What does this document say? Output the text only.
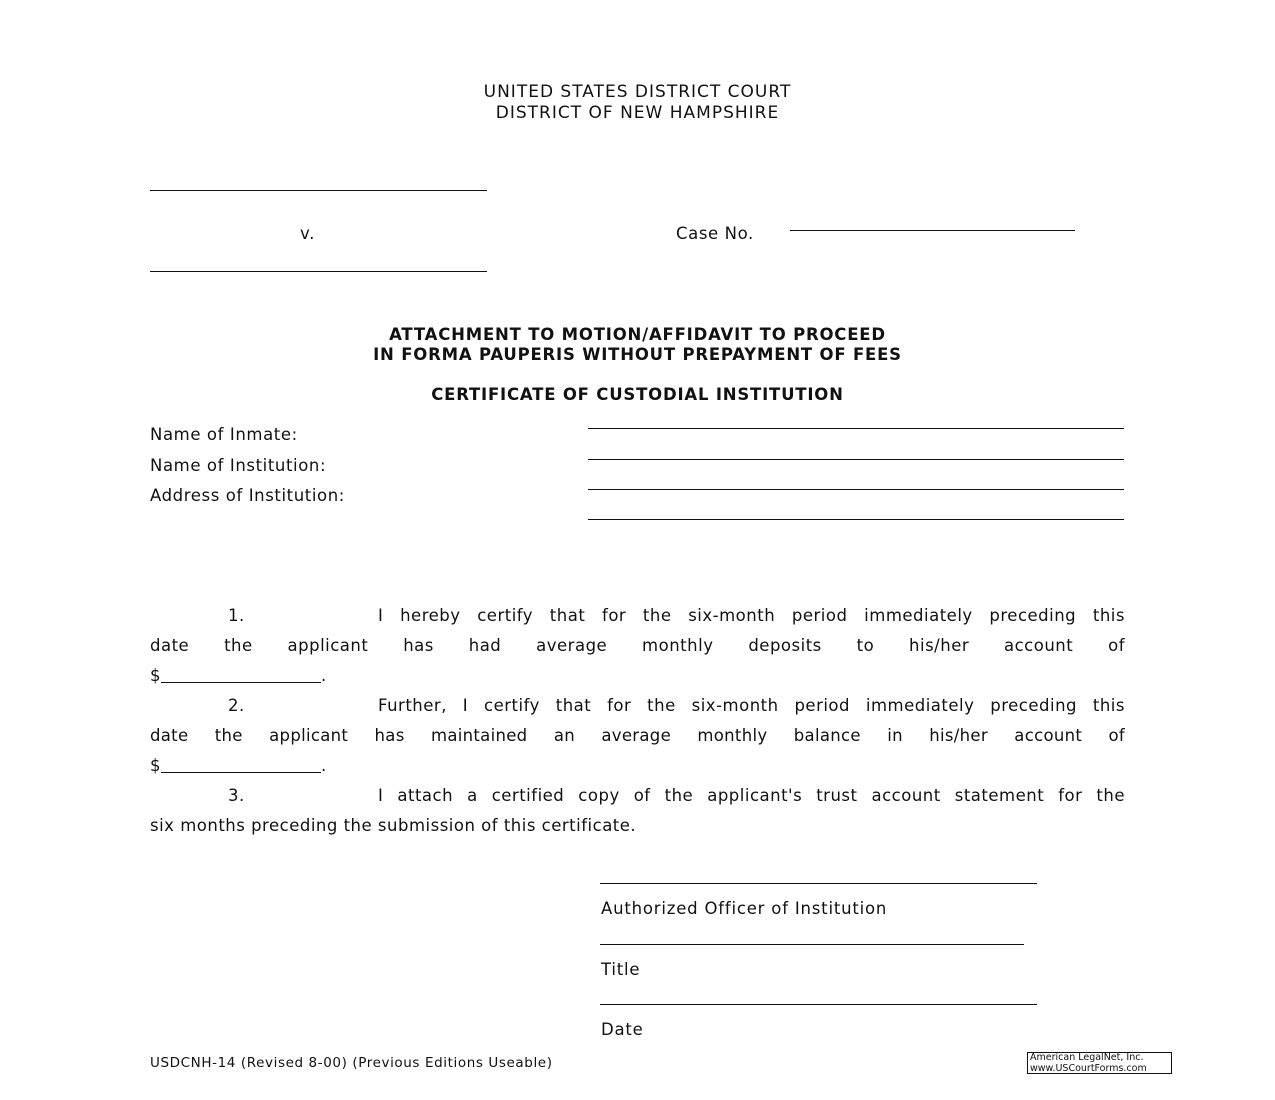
UNITED STATES DISTRICT COURT
DISTRICT OF NEW HAMPSHIRE
v.	Case No.
ATTACHMENT TO MOTION/AFFIDAVIT TO PROCEED
IN FORMA PAUPERIS WITHOUT PREPAYMENT OF FEES
CERTIFICATE OF CUSTODIAL INSTITUTION
Name of Inmate:
Name of Institution:
Address of Institution:
1.	I hereby certify that for the six-month period immediately preceding this
date the applicant has had average monthly deposits to his/her account of
$	.
2.	Further, I certify that for the six-month period immediately preceding this
date the applicant has maintained an average monthly balance in his/her account of
$	.
3.	I attach a certified copy of the applicant's trust account statement for the
six months preceding the submission of this certificate.
Authorized Officer of Institution
Title
Date
USDCNH-14 (Revised 8-00) (Previous Editions Useable)	American LegalNet, Inc.
www.USCourtForms.com
